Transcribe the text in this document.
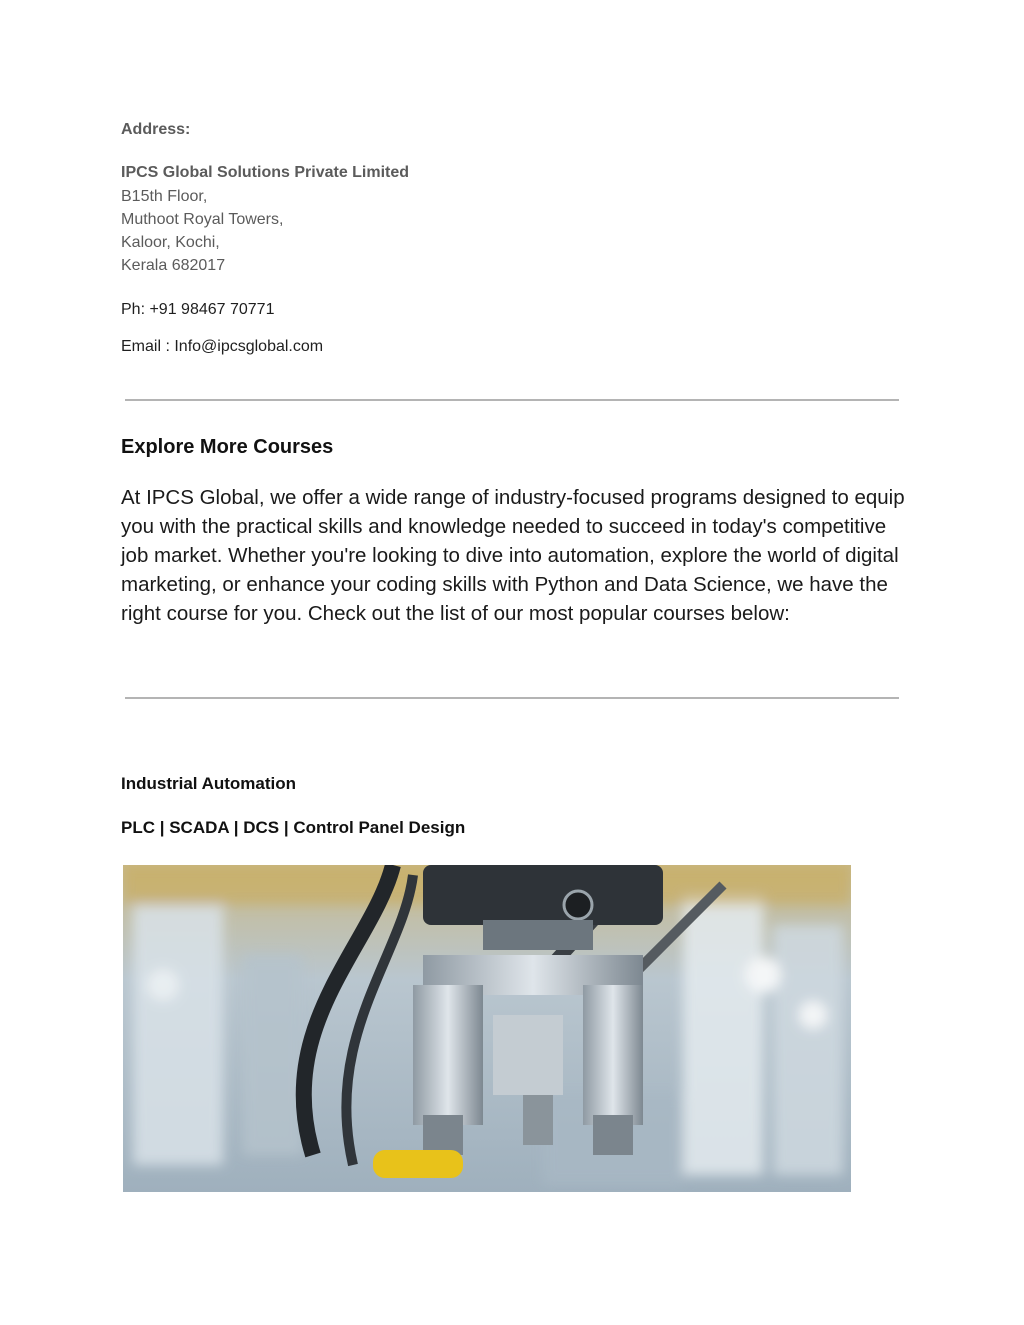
Address:
IPCS Global Solutions Private Limited
B15th Floor,
Muthoot Royal Towers,
Kaloor, Kochi,
Kerala 682017
Ph: +91 98467 70771
Email : Info@ipcsglobal.com
Explore More Courses
At IPCS Global, we offer a wide range of industry-focused programs designed to equip you with the practical skills and knowledge needed to succeed in today's competitive job market. Whether you're looking to dive into automation, explore the world of digital marketing, or enhance your coding skills with Python and Data Science, we have the right course for you. Check out the list of our most popular courses below:
Industrial Automation
PLC | SCADA | DCS | Control Panel Design
